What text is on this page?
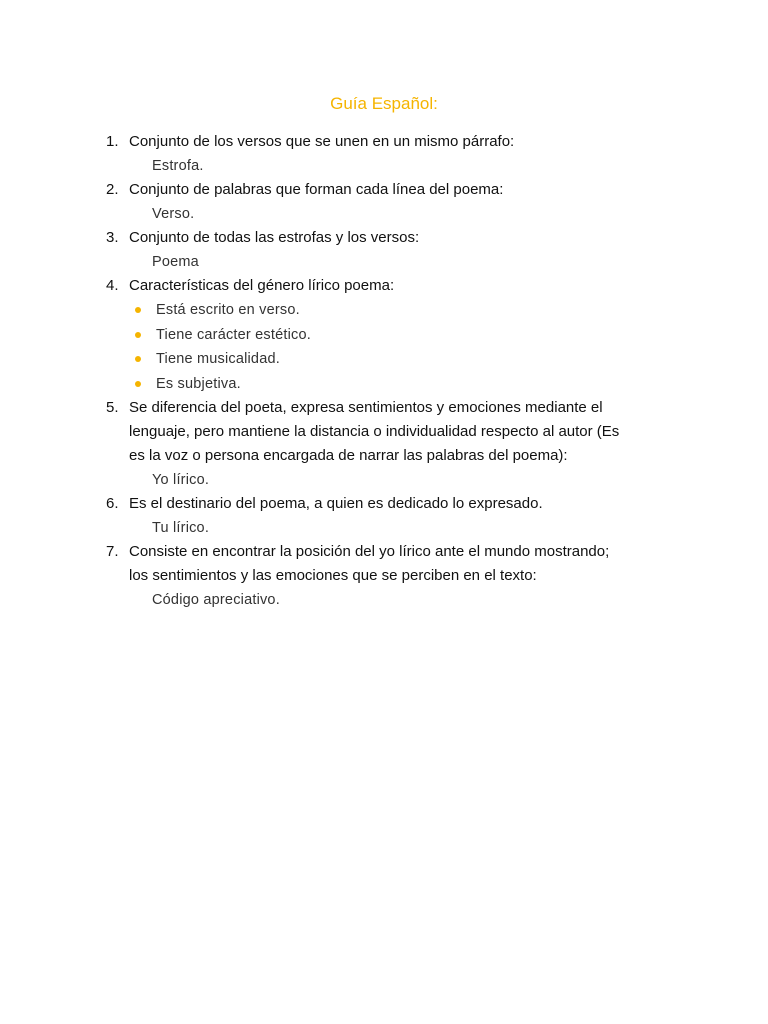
Guía Español:
1. Conjunto de los versos que se unen en un mismo párrafo:
Estrofa.
2. Conjunto de palabras que forman cada línea del poema:
Verso.
3. Conjunto de todas las estrofas y los versos:
Poema
4. Características del género lírico poema:
Está escrito en verso.
Tiene carácter estético.
Tiene musicalidad.
Es subjetiva.
5. Se diferencia del poeta, expresa sentimientos y emociones mediante el
lenguaje, pero mantiene la distancia o individualidad respecto al autor (Es
es la voz o persona encargada de narrar las palabras del poema):
Yo lírico.
6. Es el destinario del poema, a quien es dedicado lo expresado.
Tu lírico.
7. Consiste en encontrar la posición del yo lírico ante el mundo mostrando;
los sentimientos y las emociones que se perciben en el texto:
Código apreciativo.
